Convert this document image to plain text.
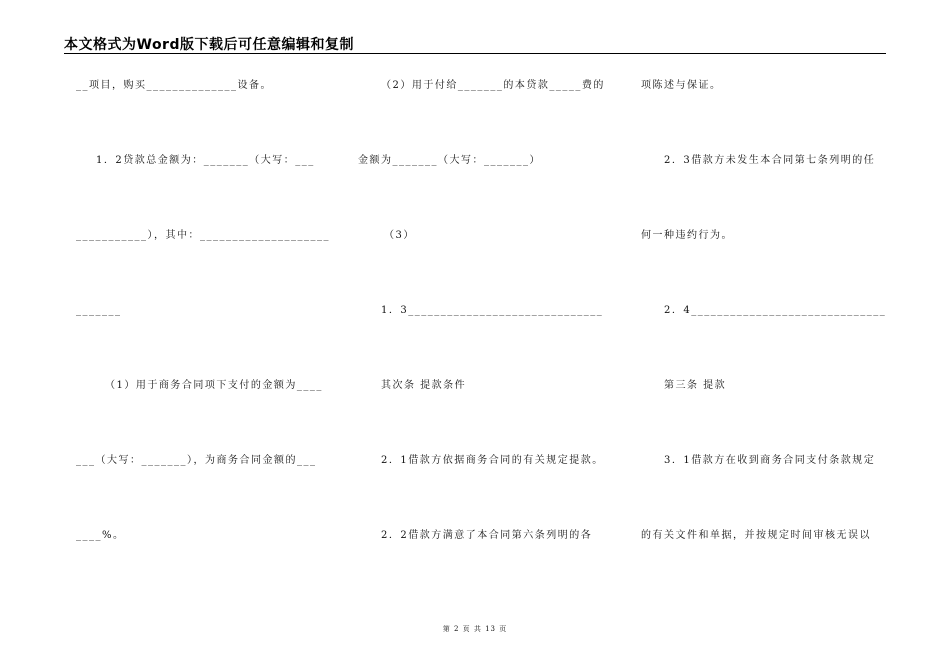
本文格式为Word版下载后可任意编辑和复制
__项目，购买______________设备。
1．2贷款总金额为：_______（大写：___
___________），其中：____________________
_______
（1）用于商务合同项下支付的金额为____
___（大写：_______），为商务合同金额的___
____%。
（2）用于付给_______的本贷款_____费的
金额为_______（大写：_______）
（3）
1．3______________________________
其次条 提款条件
2．1借款方依据商务合同的有关规定提款。
2．2借款方满意了本合同第六条列明的各
项陈述与保证。
2．3借款方未发生本合同第七条列明的任
何一种违约行为。
2．4______________________________
第三条 提款
3．1借款方在收到商务合同支付条款规定
的有关文件和单据，并按规定时间审核无误以
第 2 页 共 13 页
